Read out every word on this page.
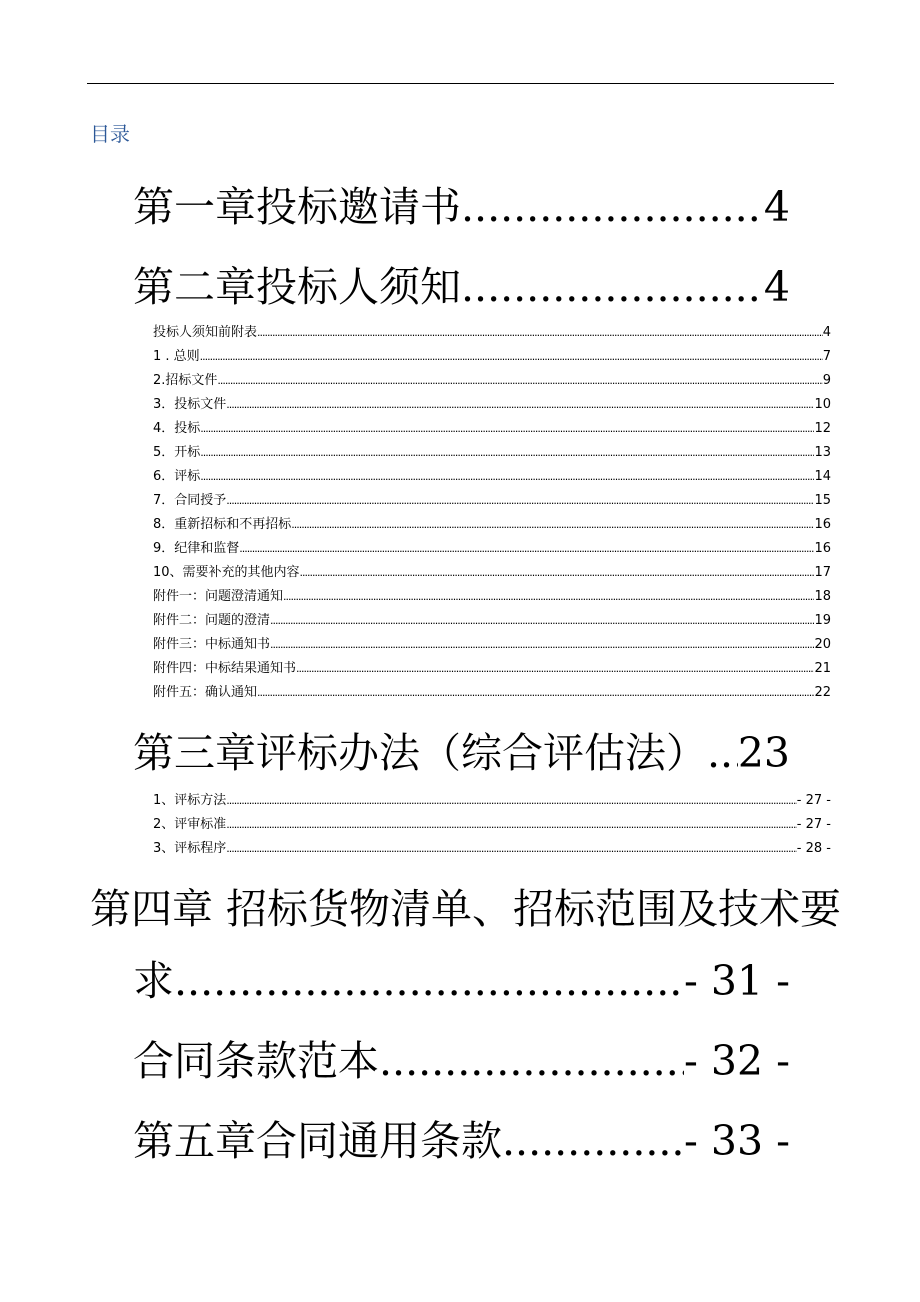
目录
第一章投标邀请书 .....	4
第二章投标人须知 .....	4
投标人须知前附表 .....	4
1 . 总则 .....	7
2.招标文件 .....	9
3．投标文件 .....	10
4．投标 .....	12
5．开标 .....	13
6．评标 .....	14
7．合同授予 .....	15
8．重新招标和不再招标 .....	16
9．纪律和监督 .....	16
10、需要补充的其他内容 .....	17
附件一：问题澄清通知 .....	18
附件二：问题的澄清 .....	19
附件三：中标通知书 .....	20
附件四：中标结果通知书 .....	21
附件五：确认通知 .....	22
第三章评标办法（综合评估法） ..... 23
1、评标方法 .....	- 27 -
2、评审标准 .....	- 27 -
3、评标程序 .....	- 28 -
第四章 招标货物清单、招标范围及技术要
求 .....	- 31 -
合同条款范本 .....	- 32 -
第五章合同通用条款 .....	- 33 -
